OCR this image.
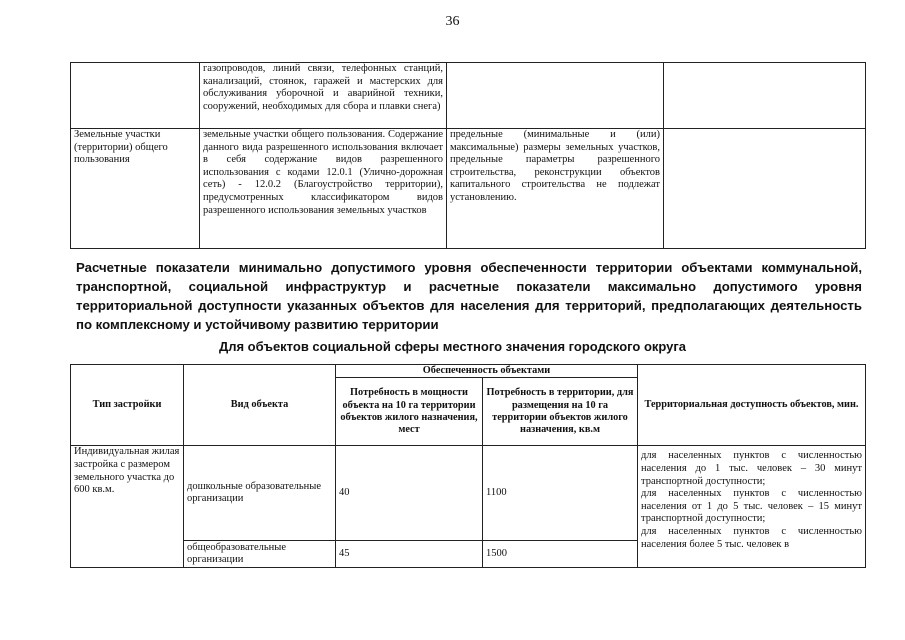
36
	газопроводов, линий связи, телефонных станций, канализаций, стоянок, гаражей и мастерских для обслуживания уборочной и аварийной техники, сооружений, необходимых для сбора и плавки снега)		
Земельные участки (территории) общего пользования	земельные участки общего пользования. Содержание данного вида разрешенного использования включает в себя содержание видов разрешенного использования с кодами 12.0.1 (Улично-дорожная сеть) - 12.0.2 (Благоустройство территории), предусмотренных классификатором видов разрешенного использования земельных участков	предельные (минимальные и (или) максимальные) размеры земельных участков, предельные параметры разрешенного строительства, реконструкции объектов капитального строительства не подлежат установлению.	
Расчетные показатели минимально допустимого уровня обеспеченности территории объектами коммунальной, транспортной, социальной инфраструктур и расчетные показатели максимально допустимого уровня территориальной доступности указанных объектов для населения для территорий, предполагающих деятельность по комплексному и устойчивому развитию территории
Для объектов социальной сферы местного значения городского округа
Тип застройки	Вид объекта	Обеспеченность объектами		Территориальная доступность объектов, мин.
		Потребность в мощности объекта на 10 га территории объектов жилого назначения, мест	Потребность в территории, для размещения на 10 га территории объектов жилого назначения, кв.м	
Индивидуальная жилая застройка с размером земельного участка до 600 кв.м.	дошкольные образовательные организации	40	1100	для населенных пунктов с численностью населения до 1 тыс. человек – 30 минут транспортной доступности;
для населенных пунктов с численностью населения от 1 до 5 тыс. человек – 15 минут транспортной доступности;
для населенных пунктов с численностью населения более 5 тыс. человек в
	общеобразовательные организации	45	1500	
